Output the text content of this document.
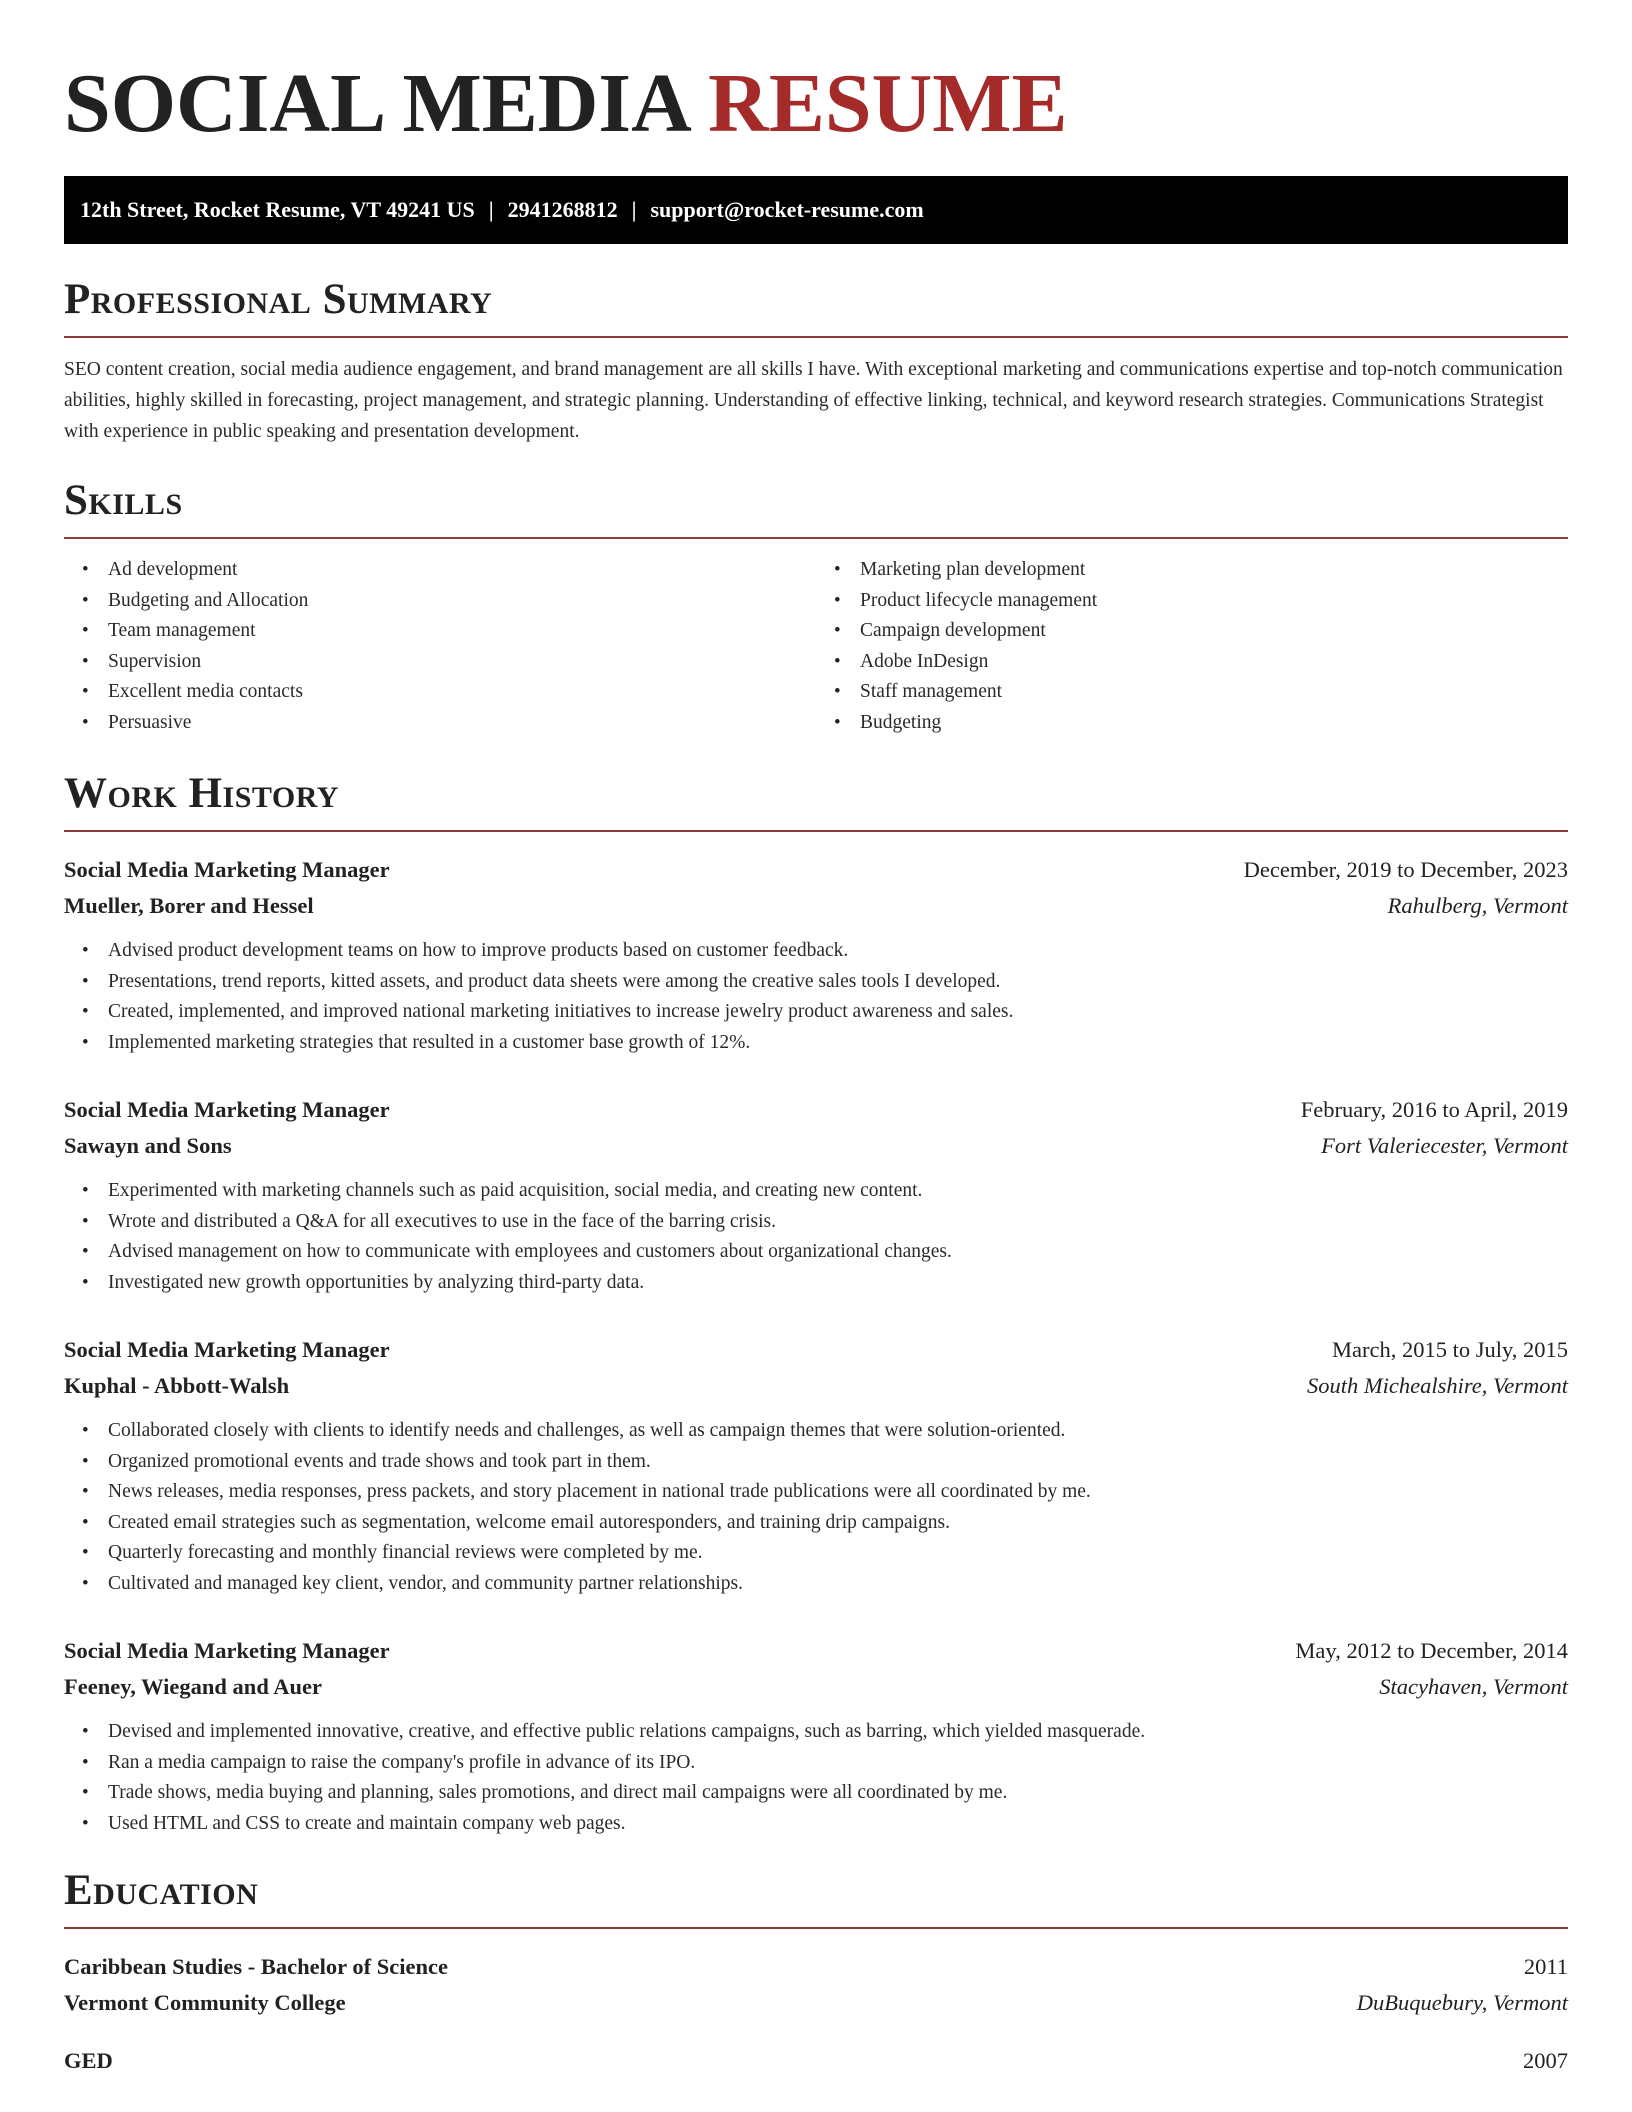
SOCIAL MEDIA RESUME
12th Street, Rocket Resume, VT 49241 US | 2941268812 | support@rocket-resume.com
Professional Summary

SEO content creation, social media audience engagement, and brand management are all skills I have. With exceptional marketing and communications expertise and top-notch communication abilities, highly skilled in forecasting, project management, and strategic planning. Understanding of effective linking, technical, and keyword research strategies. Communications Strategist with experience in public speaking and presentation development.

Skills
• Ad development
• Budgeting and Allocation
• Team management
• Supervision
• Excellent media contacts
• Persuasive
• Marketing plan development
• Product lifecycle management
• Campaign development
• Adobe InDesign
• Staff management
• Budgeting
Work History
Social Media Marketing Manager	December, 2019 to December, 2023
Mueller, Borer and Hessel	Rahulberg, Vermont
• Advised product development teams on how to improve products based on customer feedback.
• Presentations, trend reports, kitted assets, and product data sheets were among the creative sales tools I developed.
• Created, implemented, and improved national marketing initiatives to increase jewelry product awareness and sales.
• Implemented marketing strategies that resulted in a customer base growth of 12%.
Social Media Marketing Manager	February, 2016 to April, 2019
Sawayn and Sons	Fort Valeriecester, Vermont
• Experimented with marketing channels such as paid acquisition, social media, and creating new content.
• Wrote and distributed a Q&A for all executives to use in the face of the barring crisis.
• Advised management on how to communicate with employees and customers about organizational changes.
• Investigated new growth opportunities by analyzing third-party data.
Social Media Marketing Manager	March, 2015 to July, 2015
Kuphal - Abbott-Walsh	South Michealshire, Vermont
• Collaborated closely with clients to identify needs and challenges, as well as campaign themes that were solution-oriented.
• Organized promotional events and trade shows and took part in them.
• News releases, media responses, press packets, and story placement in national trade publications were all coordinated by me.
• Created email strategies such as segmentation, welcome email autoresponders, and training drip campaigns.
• Quarterly forecasting and monthly financial reviews were completed by me.
• Cultivated and managed key client, vendor, and community partner relationships.
Social Media Marketing Manager	May, 2012 to December, 2014
Feeney, Wiegand and Auer	Stacyhaven, Vermont
• Devised and implemented innovative, creative, and effective public relations campaigns, such as barring, which yielded masquerade.
• Ran a media campaign to raise the company's profile in advance of its IPO.
• Trade shows, media buying and planning, sales promotions, and direct mail campaigns were all coordinated by me.
• Used HTML and CSS to create and maintain company web pages.
Education
Caribbean Studies - Bachelor of Science	2011
Vermont Community College	DuBuquebury, Vermont
GED	2007
